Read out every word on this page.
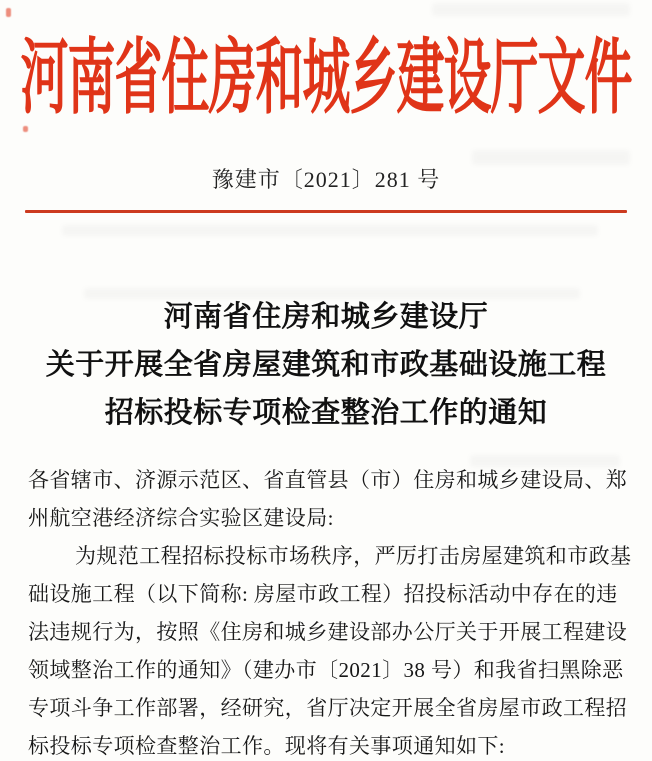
河南省住房和城乡建设厅文件
豫建市〔2021〕281 号
河南省住房和城乡建设厅
关于开展全省房屋建筑和市政基础设施工程
招标投标专项检查整治工作的通知
各省辖市、济源示范区、省直管县（市）住房和城乡建设局、郑
州航空港经济综合实验区建设局:
为规范工程招标投标市场秩序，严厉打击房屋建筑和市政基
础设施工程（以下简称: 房屋市政工程）招投标活动中存在的违
法违规行为，按照《住房和城乡建设部办公厅关于开展工程建设
领域整治工作的通知》（建办市〔2021〕38 号）和我省扫黑除恶
专项斗争工作部署，经研究，省厅决定开展全省房屋市政工程招
标投标专项检查整治工作。现将有关事项通知如下:
